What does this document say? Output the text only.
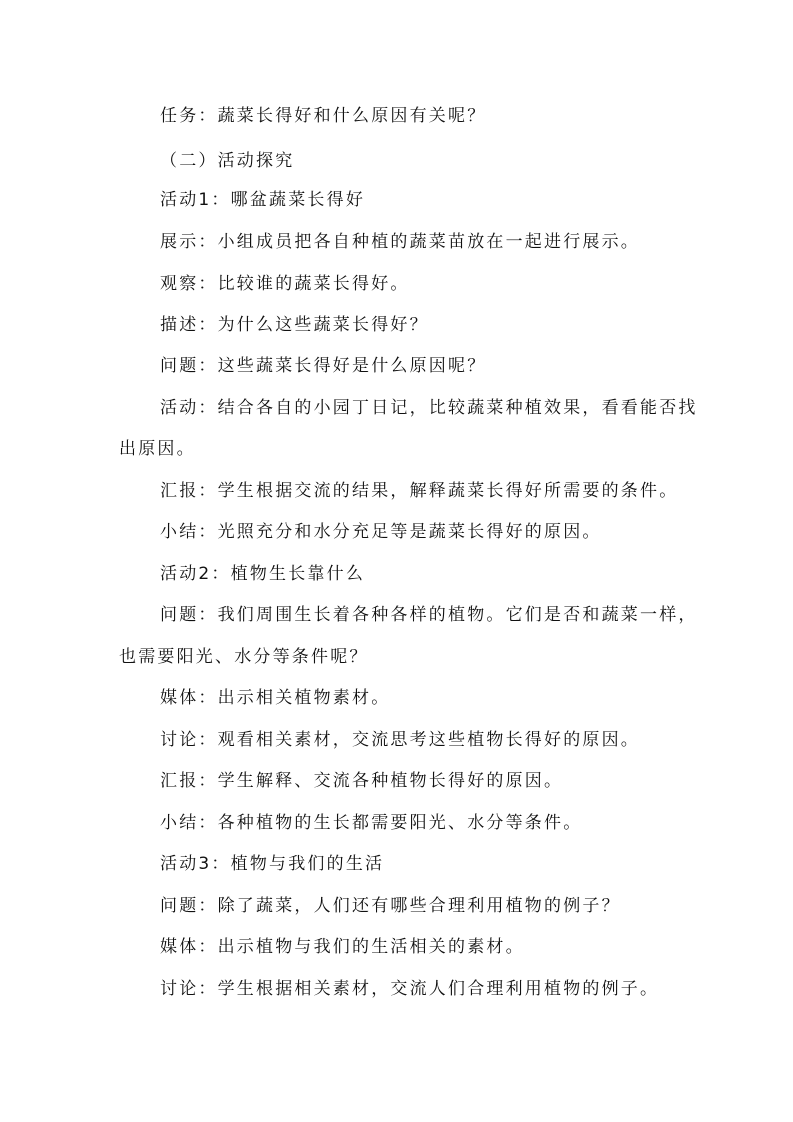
任务：蔬菜长得好和什么原因有关呢？

（二）活动探究

活动1：哪盆蔬菜长得好

展示：小组成员把各自种植的蔬菜苗放在一起进行展示。

观察：比较谁的蔬菜长得好。

描述：为什么这些蔬菜长得好？

问题：这些蔬菜长得好是什么原因呢？

活动：结合各自的小园丁日记，比较蔬菜种植效果，看看能否找

出原因。

汇报：学生根据交流的结果，解释蔬菜长得好所需要的条件。

小结：光照充分和水分充足等是蔬菜长得好的原因。

活动2：植物生长靠什么

问题：我们周围生长着各种各样的植物。它们是否和蔬菜一样，

也需要阳光、水分等条件呢？

媒体：出示相关植物素材。

讨论：观看相关素材，交流思考这些植物长得好的原因。

汇报：学生解释、交流各种植物长得好的原因。

小结：各种植物的生长都需要阳光、水分等条件。

活动3：植物与我们的生活

问题：除了蔬菜，人们还有哪些合理利用植物的例子？

媒体：出示植物与我们的生活相关的素材。

讨论：学生根据相关素材，交流人们合理利用植物的例子。
